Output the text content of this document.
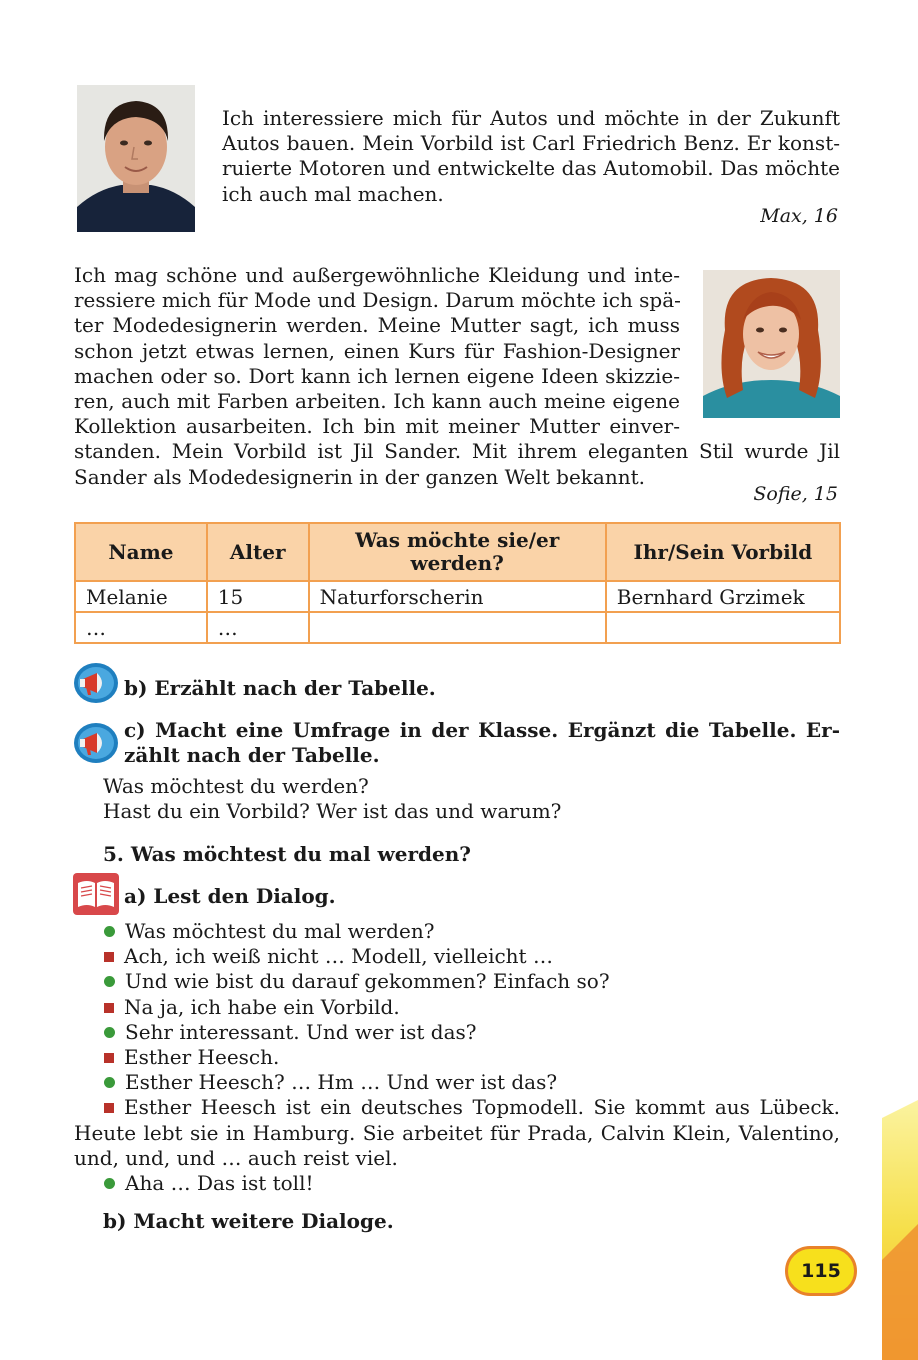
Ich interessiere mich für Autos und möchte in der Zukunft
Autos bauen. Mein Vorbild ist Carl Friedrich Benz. Er konst-
ruierte Motoren und entwickelte das Automobil. Das möchte
ich auch mal machen.
Max, 16
Ich mag schöne und außergewöhnliche Kleidung und inte-
ressiere mich für Mode und Design. Darum möchte ich spä-
ter Modedesignerin werden. Meine Mutter sagt, ich muss
schon jetzt etwas lernen, einen Kurs für Fashion-Designer
machen oder so. Dort kann ich lernen eigene Ideen skizzie-
ren, auch mit Farben arbeiten. Ich kann auch meine eigene
Kollektion ausarbeiten. Ich bin mit meiner Mutter einver-
standen. Mein Vorbild ist Jil Sander. Mit ihrem eleganten Stil wurde Jil
Sander als Modedesignerin in der ganzen Welt bekannt.
Sofie, 15
Name	Alter	Was möchte sie/er werden?	Ihr/Sein Vorbild
Melanie	15	Naturforscherin	Bernhard Grzimek
…	…		
b) Erzählt nach der Tabelle.
c) Macht eine Umfrage in der Klasse. Ergänzt die Tabelle. Er-
zählt nach der Tabelle.
Was möchtest du werden?
Hast du ein Vorbild? Wer ist das und warum?
5. Was möchtest du mal werden?
a) Lest den Dialog.
Was möchtest du mal werden?
Ach, ich weiß nicht … Modell, vielleicht …
Und wie bist du darauf gekommen? Einfach so?
Na ja, ich habe ein Vorbild.
Sehr interessant. Und wer ist das?
Esther Heesch.
Esther Heesch? … Hm … Und wer ist das?
Esther Heesch ist ein deutsches Topmodell. Sie kommt aus Lübeck.
Heute lebt sie in Hamburg. Sie arbeitet für Prada, Calvin Klein, Valentino,
und, und, und … auch reist viel.
Aha … Das ist toll!
b) Macht weitere Dialoge.
115
